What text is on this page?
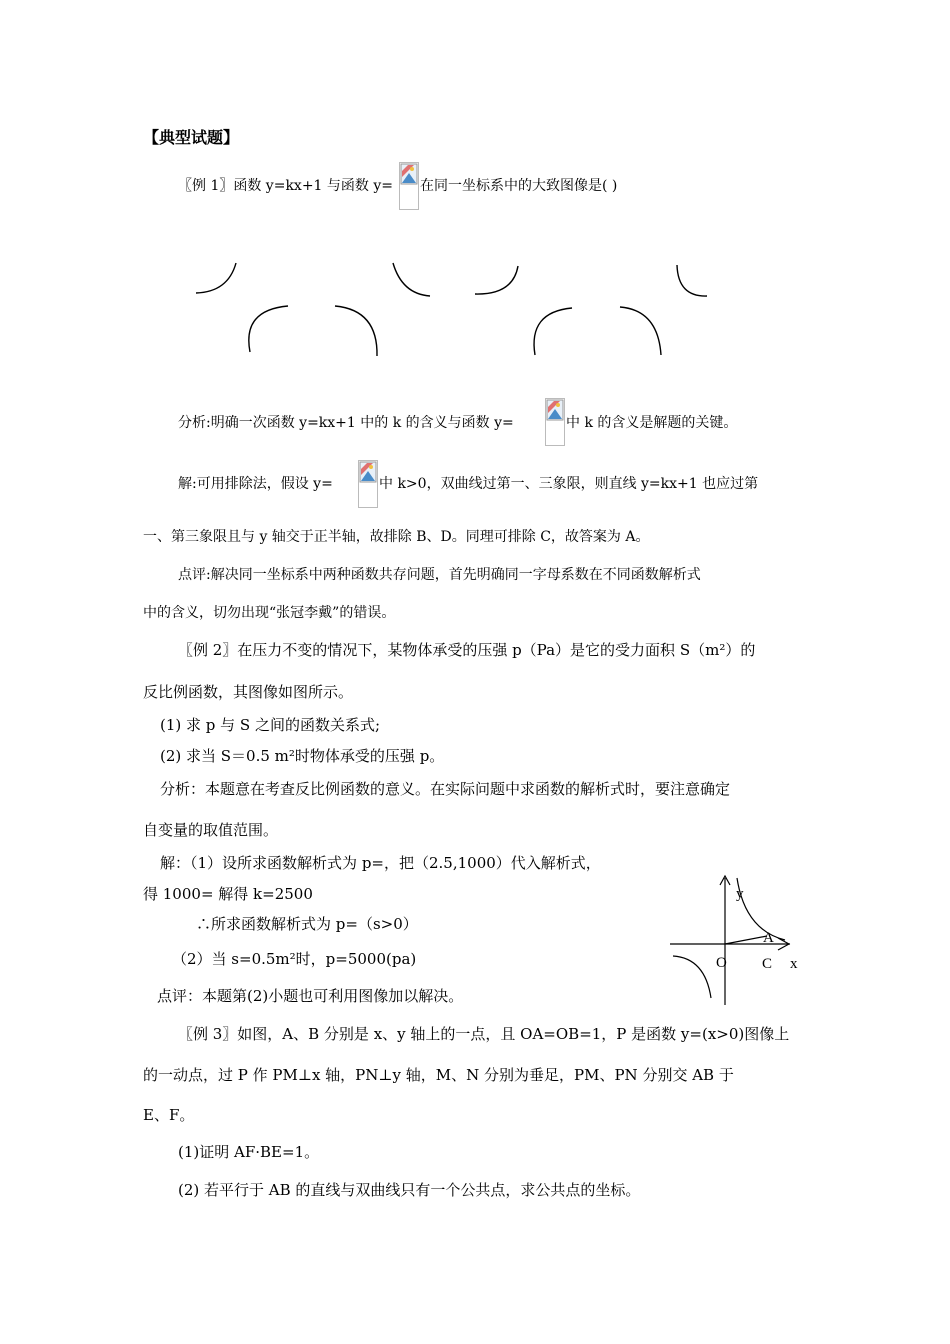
【典型试题】
〖例 1〗函数 y=kx+1 与函数 y= 在同一坐标系中的大致图像是( )
分析:明确一次函数 y=kx+1 中的 k 的含义与函数 y=	中 k 的含义是解题的关键。
解:可用排除法，假设 y=	中 k>0，双曲线过第一、三象限，则直线 y=kx+1 也应过第
一、第三象限且与 y 轴交于正半轴，故排除 B、D。同理可排除 C，故答案为 A。
点评:解决同一坐标系中两种函数共存问题，首先明确同一字母系数在不同函数解析式
中的含义，切勿出现“张冠李戴”的错误。
〖例 2〗在压力不变的情况下，某物体承受的压强 p（Pa）是它的受力面积 S（m²）的
反比例函数，其图像如图所示。
(1) 求 p 与 S 之间的函数关系式;
(2) 求当 S＝0.5 m²时物体承受的压强 p。
分析：本题意在考查反比例函数的意义。在实际问题中求函数的解析式时，要注意确定
自变量的取值范围。
解：（1）设所求函数解析式为 p=，把（2.5,1000）代入解析式，
得 1000= 解得 k=2500
∴所求函数解析式为 p=（s>0）
（2）当 s=0.5m²时，p=5000(pa)
点评：本题第(2)小题也可利用图像加以解决。
y
A
O C x
〖例 3〗如图，A、B 分别是 x、y 轴上的一点，且 OA=OB=1，P 是函数 y=(x>0)图像上
的一动点，过 P 作 PM⊥x 轴，PN⊥y 轴，M、N 分别为垂足，PM、PN 分别交 AB 于
E、F。
(1)证明 AF·BE=1。
(2) 若平行于 AB 的直线与双曲线只有一个公共点，求公共点的坐标。
